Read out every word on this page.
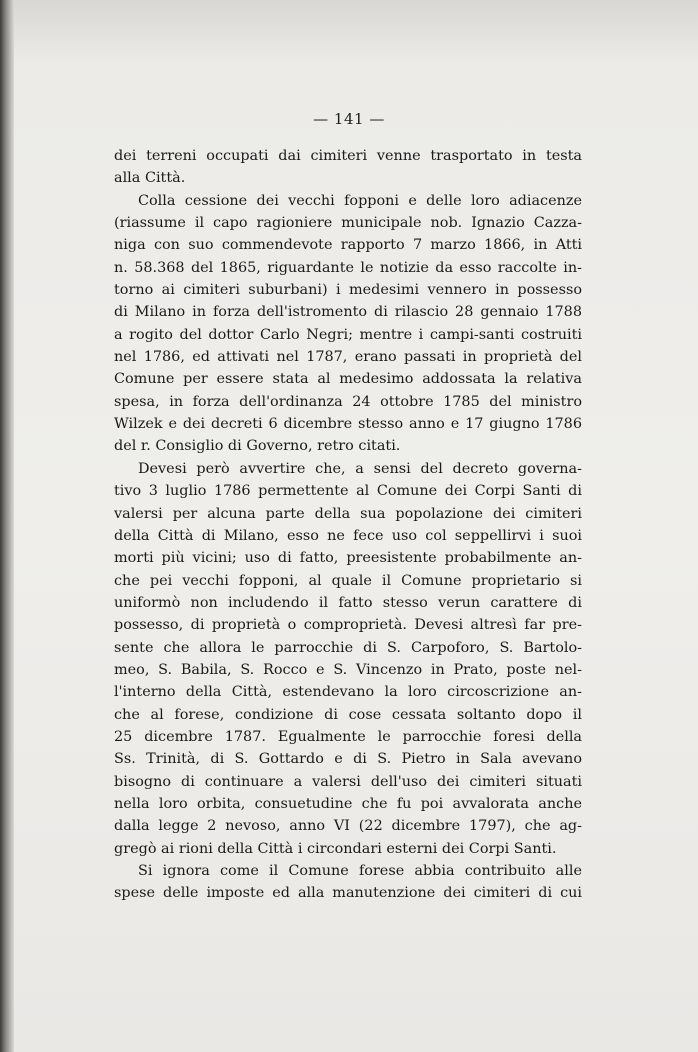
— 141 —
dei terreni occupati dai cimiteri venne trasportato in testa
alla Città.
Colla cessione dei vecchi fopponi e delle loro adiacenze
(riassume il capo ragioniere municipale nob. Ignazio Cazza-
niga con suo commendevote rapporto 7 marzo 1866, in Atti
n. 58.368 del 1865, riguardante le notizie da esso raccolte in-
torno ai cimiteri suburbani) i medesimi vennero in possesso
di Milano in forza dell'istromento di rilascio 28 gennaio 1788
a rogito del dottor Carlo Negri; mentre i campi-santi costruiti
nel 1786, ed attivati nel 1787, erano passati in proprietà del
Comune per essere stata al medesimo addossata la relativa
spesa, in forza dell'ordinanza 24 ottobre 1785 del ministro
Wilzek e dei decreti 6 dicembre stesso anno e 17 giugno 1786
del r. Consiglio di Governo, retro citati.
Devesi però avvertire che, a sensi del decreto governa-
tivo 3 luglio 1786 permettente al Comune dei Corpi Santi di
valersi per alcuna parte della sua popolazione dei cimiteri
della Città di Milano, esso ne fece uso col seppellirvi i suoi
morti più vicini; uso di fatto, preesistente probabilmente an-
che pei vecchi fopponi, al quale il Comune proprietario si
uniformò non includendo il fatto stesso verun carattere di
possesso, di proprietà o comproprietà. Devesi altresì far pre-
sente che allora le parrocchie di S. Carpoforo, S. Bartolo-
meo, S. Babila, S. Rocco e S. Vincenzo in Prato, poste nel-
l'interno della Città, estendevano la loro circoscrizione an-
che al forese, condizione di cose cessata soltanto dopo il
25 dicembre 1787. Egualmente le parrocchie foresi della
Ss. Trinità, di S. Gottardo e di S. Pietro in Sala avevano
bisogno di continuare a valersi dell'uso dei cimiteri situati
nella loro orbita, consuetudine che fu poi avvalorata anche
dalla legge 2 nevoso, anno VI (22 dicembre 1797), che ag-
gregò ai rioni della Città i circondari esterni dei Corpi Santi.
Si ignora come il Comune forese abbia contribuito alle
spese delle imposte ed alla manutenzione dei cimiteri di cui
